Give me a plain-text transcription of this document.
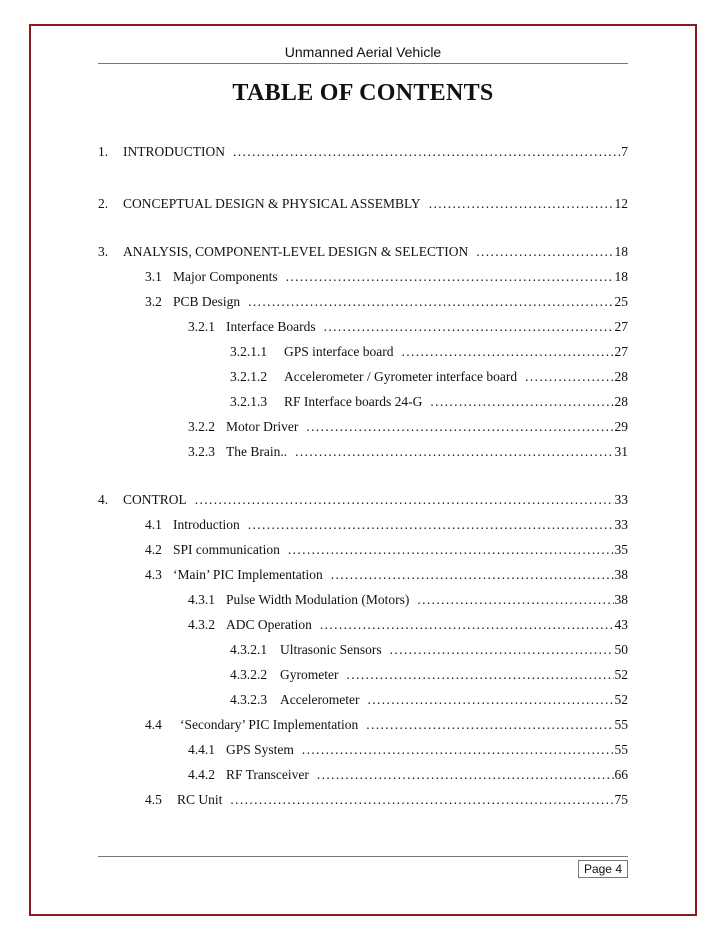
Unmanned Aerial Vehicle
TABLE OF CONTENTS
1.	INTRODUCTION . . .	7
2.	CONCEPTUAL DESIGN & PHYSICAL ASSEMBLY . . .	12
3.	ANALYSIS, COMPONENT-LEVEL DESIGN & SELECTION . . .	18
3.1 Major Components . . .	18
3.2 PCB Design . . .	25
3.2.1 Interface Boards . . .	27
3.2.1.1	GPS interface board . . .	27
3.2.1.2	Accelerometer / Gyrometer interface board . . .	28
3.2.1.3	RF Interface boards 24-G . . .	28
3.2.2 Motor Driver . . .	29
3.2.3 The Brain.. . . .	31
4.	CONTROL . . .	33
4.1 Introduction . . .	33
4.2 SPI communication . . .	35
4.3 ‘Main’ PIC Implementation . . .	38
4.3.1 Pulse Width Modulation (Motors) . . .	38
4.3.2 ADC Operation . . .	43
4.3.2.1 Ultrasonic Sensors . . .	50
4.3.2.2 Gyrometer . . .	52
4.3.2.3 Accelerometer . . .	52
4.4	‘Secondary’ PIC Implementation . . .	55
4.4.1 GPS System . . .	55
4.4.2 RF Transceiver . . .	66
4.5	RC Unit . . .	75
Page 4
